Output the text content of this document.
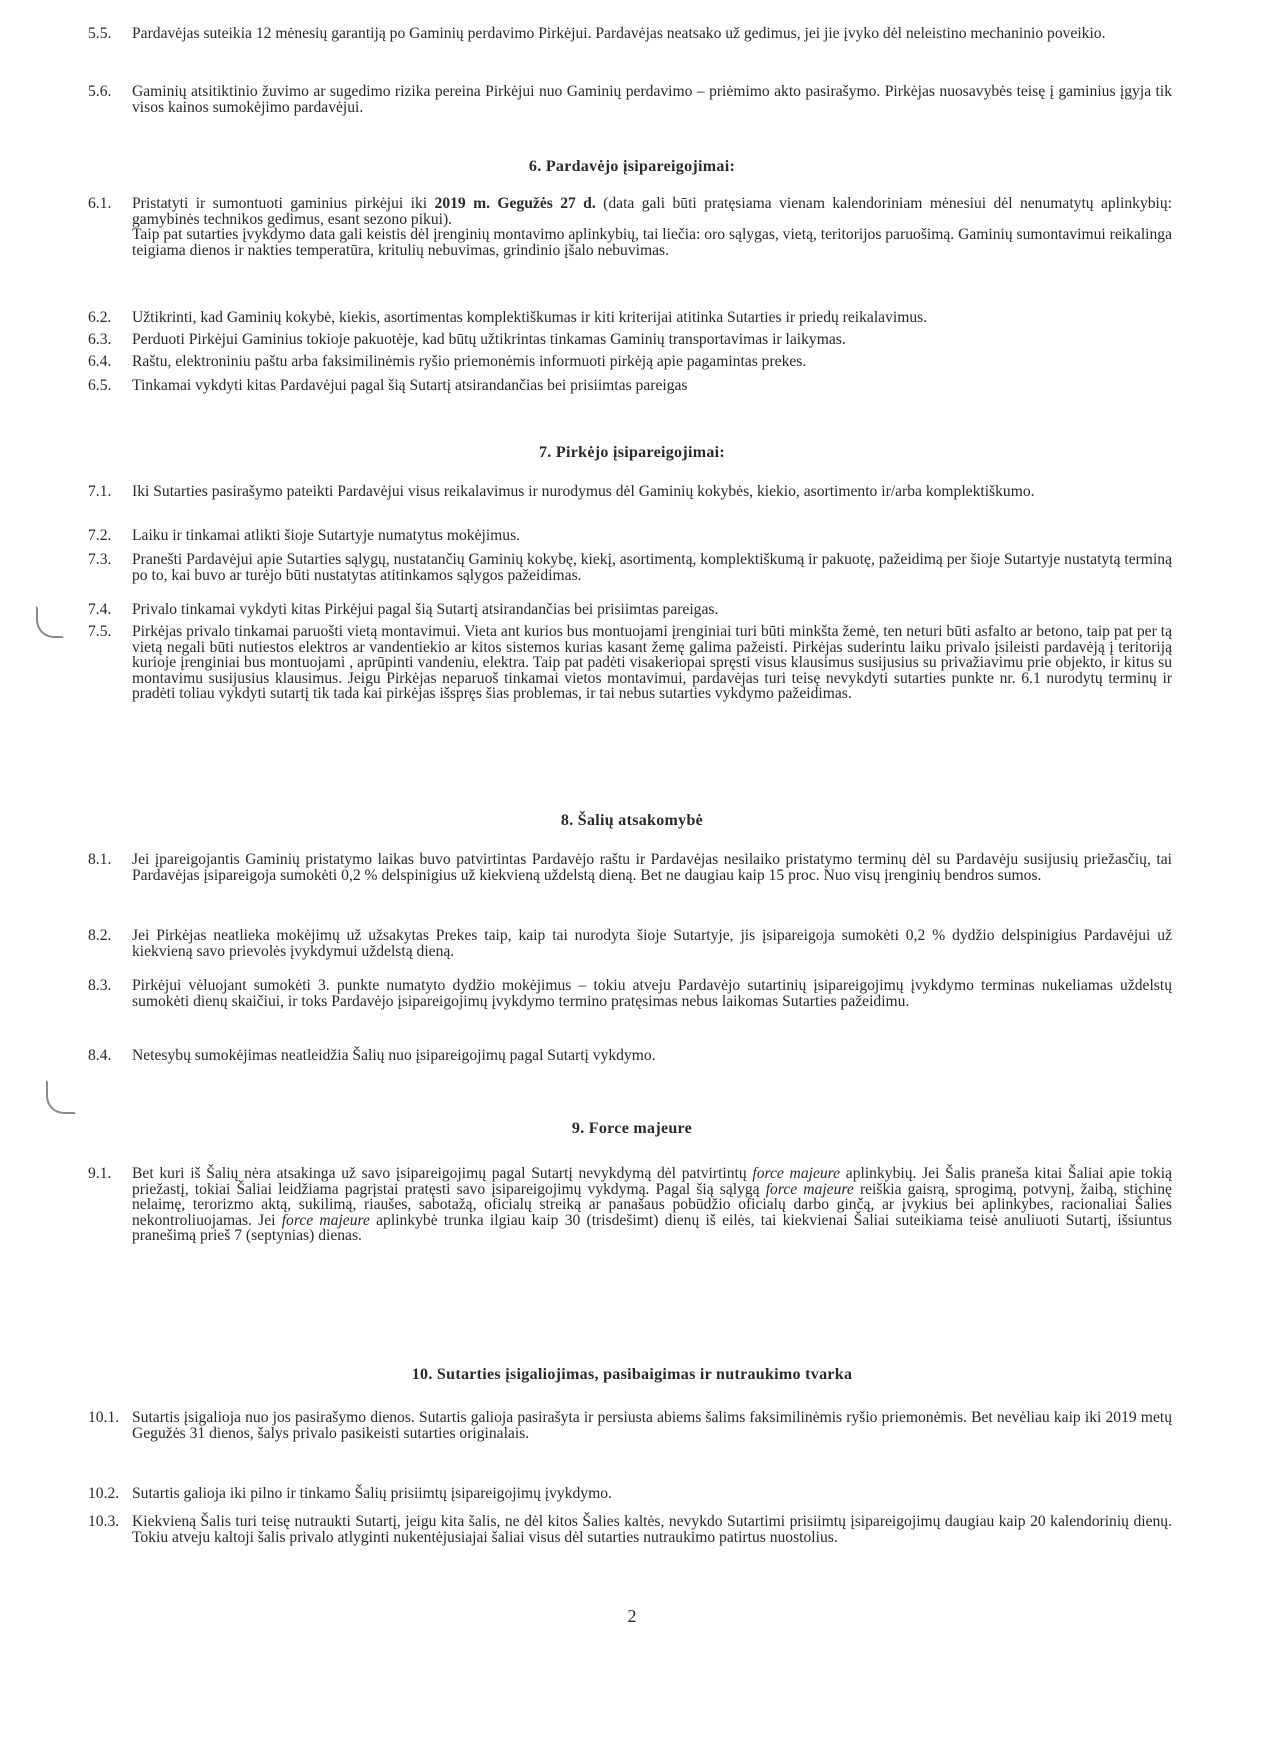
5.5. Pardavėjas suteikia 12 mėnesių garantiją po Gaminių perdavimo Pirkėjui. Pardavėjas neatsako už gedimus, jei jie įvyko dėl neleistino mechaninio poveikio.
5.6. Gaminių atsitiktinio žuvimo ar sugedimo rizika pereina Pirkėjui nuo Gaminių perdavimo – priėmimo akto pasirašymo. Pirkėjas nuosavybės teisę į gaminius įgyja tik visos kainos sumokėjimo pardavėjui.
6. Pardavėjo įsipareigojimai:
6.1. Pristatyti ir sumontuoti gaminius pirkėjui iki 2019 m. Gegužės 27 d. (data gali būti pratęsiama vienam kalendoriniam mėnesiui dėl nenumatytų aplinkybių: gamybinės technikos gedimus, esant sezono pikui).
Taip pat sutarties įvykdymo data gali keistis dėl įrenginių montavimo aplinkybių, tai liečia: oro sąlygas, vietą, teritorijos paruošimą. Gaminių sumontavimui reikalinga teigiama dienos ir nakties temperatūra, kritulių nebuvimas, grindinio įšalo nebuvimas.
6.2. Užtikrinti, kad Gaminių kokybė, kiekis, asortimentas komplektiškumas ir kiti kriterijai atitinka Sutarties ir priedų reikalavimus.
6.3. Perduoti Pirkėjui Gaminius tokioje pakuotėje, kad būtų užtikrintas tinkamas Gaminių transportavimas ir laikymas.
6.4. Raštu, elektroniniu paštu arba faksimilinėmis ryšio priemonėmis informuoti pirkėją apie pagamintas prekes.
6.5. Tinkamai vykdyti kitas Pardavėjui pagal šią Sutartį atsirandančias bei prisiimtas pareigas
7. Pirkėjo įsipareigojimai:
7.1. Iki Sutarties pasirašymo pateikti Pardavėjui visus reikalavimus ir nurodymus dėl Gaminių kokybės, kiekio, asortimento ir/arba komplektiškumo.
7.2. Laiku ir tinkamai atlikti šioje Sutartyje numatytus mokėjimus.
7.3. Pranešti Pardavėjui apie Sutarties sąlygų, nustatančių Gaminių kokybę, kiekį, asortimentą, komplektiškumą ir pakuotę, pažeidimą per šioje Sutartyje nustatytą terminą po to, kai buvo ar turėjo būti nustatytas atitinkamos sąlygos pažeidimas.
7.4. Privalo tinkamai vykdyti kitas Pirkėjui pagal šią Sutartį atsirandančias bei prisiimtas pareigas.
7.5. Pirkėjas privalo tinkamai paruošti vietą montavimui. Vieta ant kurios bus montuojami įrenginiai turi būti minkšta žemė, ten neturi būti asfalto ar betono, taip pat per tą vietą negali būti nutiestos elektros ar vandentiekio ar kitos sistemos kurias kasant žemę galima pažeisti. Pirkėjas suderintu laiku privalo įsileisti pardavėją į teritoriją kurioje įrenginiai bus montuojami , aprūpinti vandeniu, elektra. Taip pat padėti visakeriopai spręsti visus klausimus susijusius su privažiavimu prie objekto, ir kitus su montavimu susijusius klausimus. Jeigu Pirkėjas neparuoš tinkamai vietos montavimui, pardavėjas turi teisę nevykdyti sutarties punkte nr. 6.1 nurodytų terminų ir pradėti toliau vykdyti sutartį tik tada kai pirkėjas išspręs šias problemas, ir tai nebus sutarties vykdymo pažeidimas.
8. Šalių atsakomybė
8.1. Jei įpareigojantis Gaminių pristatymo laikas buvo patvirtintas Pardavėjo raštu ir Pardavėjas nesilaiko pristatymo terminų dėl su Pardavėju susijusių priežasčių, tai Pardavėjas įsipareigoja sumokėti 0,2 % delspinigius už kiekvieną uždelstą dieną. Bet ne daugiau kaip 15 proc. Nuo visų įrenginių bendros sumos.
8.2. Jei Pirkėjas neatlieka mokėjimų už užsakytas Prekes taip, kaip tai nurodyta šioje Sutartyje, jis įsipareigoja sumokėti 0,2 % dydžio delspinigius Pardavėjui už kiekvieną savo prievolės įvykdymui uždelstą dieną.
8.3. Pirkėjui vėluojant sumokėti 3. punkte numatyto dydžio mokėjimus – tokiu atveju Pardavėjo sutartinių įsipareigojimų įvykdymo terminas nukeliamas uždelstų sumokėti dienų skaičiui, ir toks Pardavėjo įsipareigojimų įvykdymo termino pratęsimas nebus laikomas Sutarties pažeidimu.
8.4. Netesybų sumokėjimas neatleidžia Šalių nuo įsipareigojimų pagal Sutartį vykdymo.
9. Force majeure
9.1. Bet kuri iš Šalių nėra atsakinga už savo įsipareigojimų pagal Sutartį nevykdymą dėl patvirtintų force majeure aplinkybių. Jei Šalis praneša kitai Šaliai apie tokią priežastį, tokiai Šaliai leidžiama pagrįstai pratęsti savo įsipareigojimų vykdymą. Pagal šią sąlygą force majeure reiškia gaisrą, sprogimą, potvynį, žaibą, stichinę nelaimę, terorizmo aktą, sukilimą, riaušes, sabotažą, oficialų streiką ar panašaus pobūdžio oficialų darbo ginčą, ar įvykius bei aplinkybes, racionaliai Šalies nekontroliuojamas. Jei force majeure aplinkybė trunka ilgiau kaip 30 (trisdešimt) dienų iš eilės, tai kiekvienai Šaliai suteikiama teisė anuliuoti Sutartį, išsiuntus pranešimą prieš 7 (septynias) dienas.
10. Sutarties įsigaliojimas, pasibaigimas ir nutraukimo tvarka
10.1. Sutartis įsigalioja nuo jos pasirašymo dienos. Sutartis galioja pasirašyta ir persiusta abiems šalims faksimilinėmis ryšio priemonėmis. Bet nevėliau kaip iki 2019 metų Gegužės 31 dienos, šalys privalo pasikeisti sutarties originalais.
10.2. Sutartis galioja iki pilno ir tinkamo Šalių prisiimtų įsipareigojimų įvykdymo.
10.3. Kiekvieną Šalis turi teisę nutraukti Sutartį, jeigu kita šalis, ne dėl kitos Šalies kaltės, nevykdo Sutartimi prisiimtų įsipareigojimų daugiau kaip 20 kalendorinių dienų. Tokiu atveju kaltoji šalis privalo atlyginti nukentėjusiajai šaliai visus dėl sutarties nutraukimo patirtus nuostolius.
2
